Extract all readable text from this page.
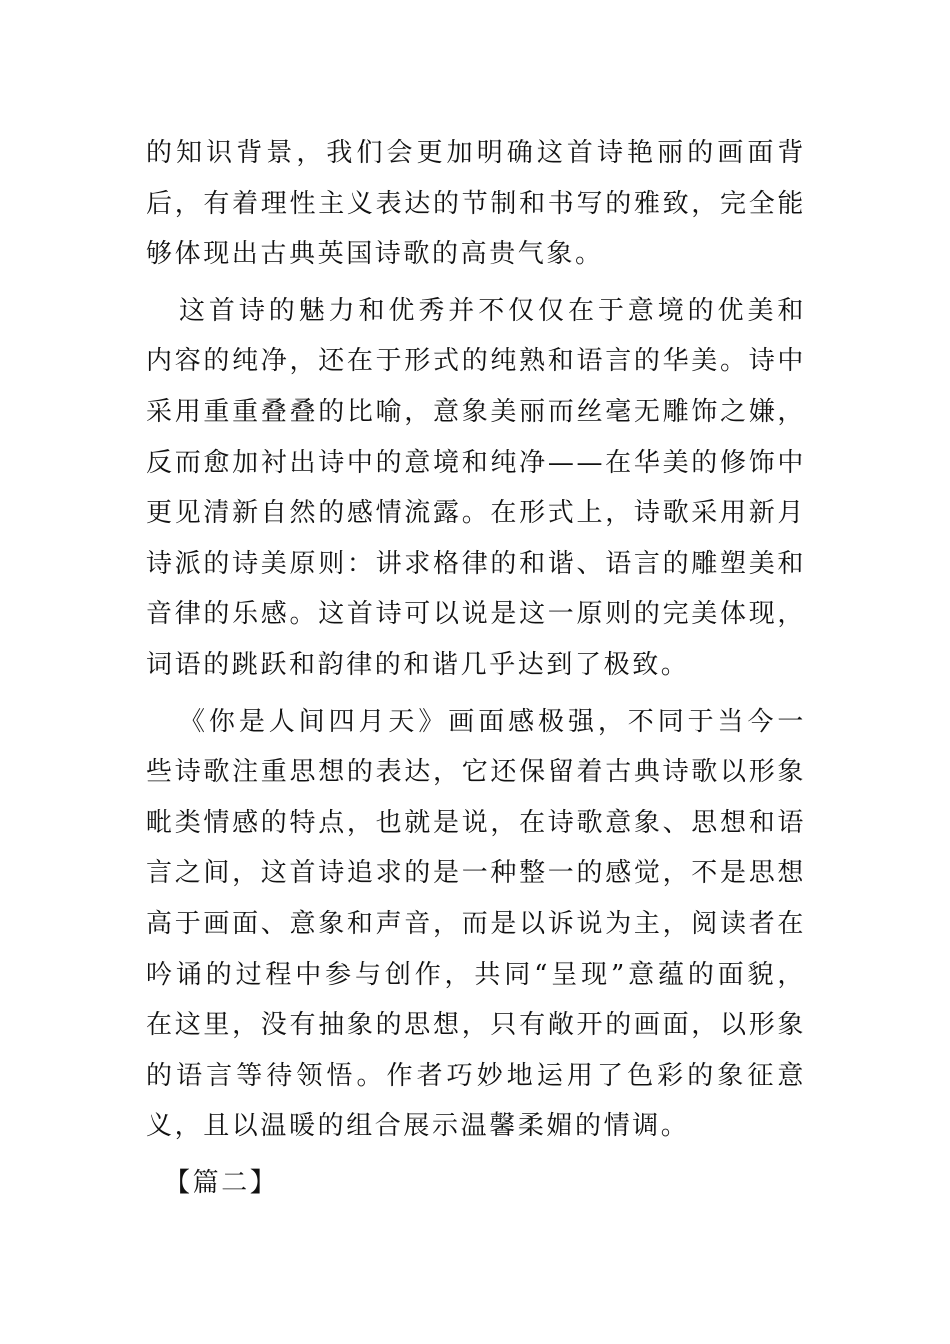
的知识背景，我们会更加明确这首诗艳丽的画面背后，有着理性主义表达的节制和书写的雅致，完全能够体现出古典英国诗歌的高贵气象。

这首诗的魅力和优秀并不仅仅在于意境的优美和内容的纯净，还在于形式的纯熟和语言的华美。诗中采用重重叠叠的比喻，意象美丽而丝毫无雕饰之嫌，反而愈加衬出诗中的意境和纯净——在华美的修饰中更见清新自然的感情流露。在形式上，诗歌采用新月诗派的诗美原则：讲求格律的和谐、语言的雕塑美和音律的乐感。这首诗可以说是这一原则的完美体现，词语的跳跃和韵律的和谐几乎达到了极致。

《你是人间四月天》画面感极强，不同于当今一些诗歌注重思想的表达，它还保留着古典诗歌以形象毗类情感的特点，也就是说，在诗歌意象、思想和语言之间，这首诗追求的是一种整一的感觉，不是思想高于画面、意象和声音，而是以诉说为主，阅读者在吟诵的过程中参与创作，共同“呈现”意蕴的面貌，在这里，没有抽象的思想，只有敞开的画面，以形象的语言等待领悟。作者巧妙地运用了色彩的象征意义，且以温暖的组合展示温馨柔媚的情调。

【篇二】
